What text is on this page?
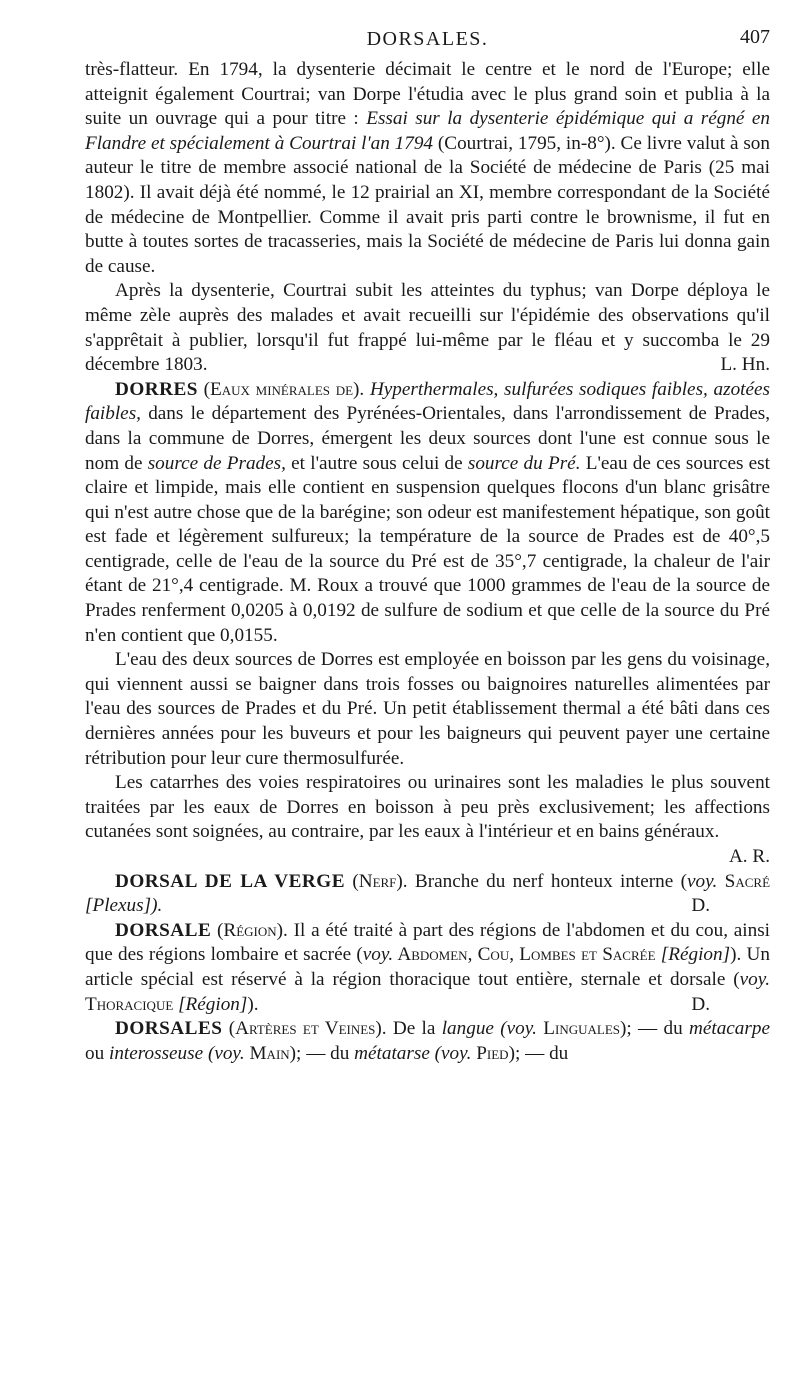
DORSALES.	407

très-flatteur. En 1794, la dysenterie décimait le centre et le nord de l'Europe; elle atteignit également Courtrai; van Dorpe l'étudia avec le plus grand soin et publia à la suite un ouvrage qui a pour titre : Essai sur la dysenterie épidémique qui a régné en Flandre et spécialement à Courtrai l'an 1794 (Courtrai, 1795, in-8°). Ce livre valut à son auteur le titre de membre associé national de la Société de médecine de Paris (25 mai 1802). Il avait déjà été nommé, le 12 prairial an XI, membre correspondant de la Société de médecine de Montpellier. Comme il avait pris parti contre le brownisme, il fut en butte à toutes sortes de tracasseries, mais la Société de médecine de Paris lui donna gain de cause.

Après la dysenterie, Courtrai subit les atteintes du typhus; van Dorpe déploya le même zèle auprès des malades et avait recueilli sur l'épidémie des observations qu'il s'apprêtait à publier, lorsqu'il fut frappé lui-même par le fléau et y succomba le 29 décembre 1803.	L. Hn.

DORRES (Eaux minérales de). Hyperthermales, sulfurées sodiques faibles, azotées faibles, dans le département des Pyrénées-Orientales, dans l'arrondissement de Prades, dans la commune de Dorres, émergent les deux sources dont l'une est connue sous le nom de source de Prades, et l'autre sous celui de source du Pré. L'eau de ces sources est claire et limpide, mais elle contient en suspension quelques flocons d'un blanc grisâtre qui n'est autre chose que de la barégine; son odeur est manifestement hépatique, son goût est fade et légèrement sulfureux; la température de la source de Prades est de 40°,5 centigrade, celle de l'eau de la source du Pré est de 35°,7 centigrade, la chaleur de l'air étant de 21°,4 centigrade. M. Roux a trouvé que 1000 grammes de l'eau de la source de Prades renferment 0,0205 à 0,0192 de sulfure de sodium et que celle de la source du Pré n'en contient que 0,0155.

L'eau des deux sources de Dorres est employée en boisson par les gens du voisinage, qui viennent aussi se baigner dans trois fosses ou baignoires naturelles alimentées par l'eau des sources de Prades et du Pré. Un petit établissement thermal a été bâti dans ces dernières années pour les buveurs et pour les baigneurs qui peuvent payer une certaine rétribution pour leur cure thermosulfurée.

Les catarrhes des voies respiratoires ou urinaires sont les maladies le plus souvent traitées par les eaux de Dorres en boisson à peu près exclusivement; les affections cutanées sont soignées, au contraire, par les eaux à l'intérieur et en bains généraux.
A. R.

DORSAL DE LA VERGE (Nerf). Branche du nerf honteux interne (voy. Sacré [Plexus]).	D.

DORSALE (Région). Il a été traité à part des régions de l'abdomen et du cou, ainsi que des régions lombaire et sacrée (voy. Abdomen, Cou, Lombes et Sacrée [Région]). Un article spécial est réservé à la région thoracique tout entière, sternale et dorsale (voy. Thoracique [Région]).	D.

DORSALES (Artères et Veines). De la langue (voy. Linguales); — du métacarpe ou interosseuse (voy. Main); — du métatarse (voy. Pied); — du
